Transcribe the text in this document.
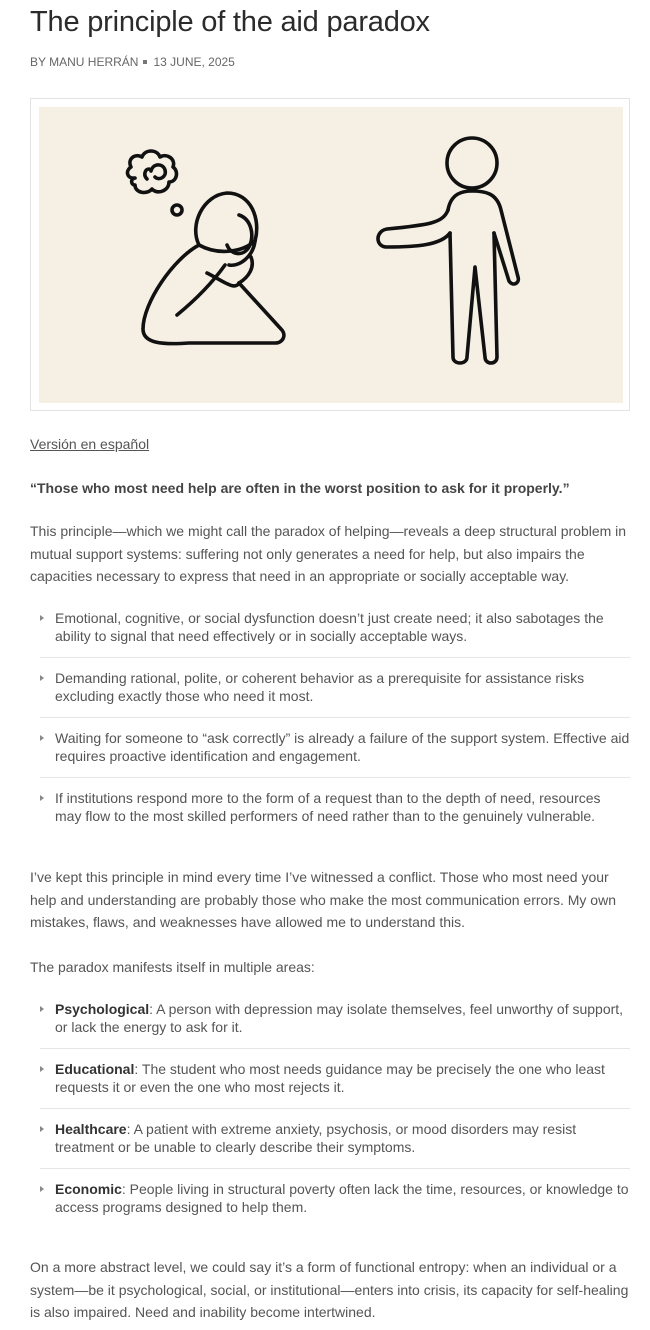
The principle of the aid paradox
BY MANU HERRÁN 13 JUNE, 2025
Versión en español
“Those who most need help are often in the worst position to ask for it properly.”

This principle—which we might call the paradox of helping—reveals a deep structural problem in mutual support systems: suffering not only generates a need for help, but also impairs the capacities necessary to express that need in an appropriate or socially acceptable way.

Emotional, cognitive, or social dysfunction doesn’t just create need; it also sabotages the ability to signal that need effectively or in socially acceptable ways.
Demanding rational, polite, or coherent behavior as a prerequisite for assistance risks excluding exactly those who need it most.
Waiting for someone to “ask correctly” is already a failure of the support system. Effective aid requires proactive identification and engagement.
If institutions respond more to the form of a request than to the depth of need, resources may flow to the most skilled performers of need rather than to the genuinely vulnerable.

I’ve kept this principle in mind every time I’ve witnessed a conflict. Those who most need your help and understanding are probably those who make the most communication errors. My own mistakes, flaws, and weaknesses have allowed me to understand this.

The paradox manifests itself in multiple areas:

Psychological: A person with depression may isolate themselves, feel unworthy of support, or lack the energy to ask for it.
Educational: The student who most needs guidance may be precisely the one who least requests it or even the one who most rejects it.
Healthcare: A patient with extreme anxiety, psychosis, or mood disorders may resist treatment or be unable to clearly describe their symptoms.
Economic: People living in structural poverty often lack the time, resources, or knowledge to access programs designed to help them.

On a more abstract level, we could say it’s a form of functional entropy: when an individual or a system—be it psychological, social, or institutional—enters into crisis, its capacity for self-healing is also impaired. Need and inability become intertwined.
